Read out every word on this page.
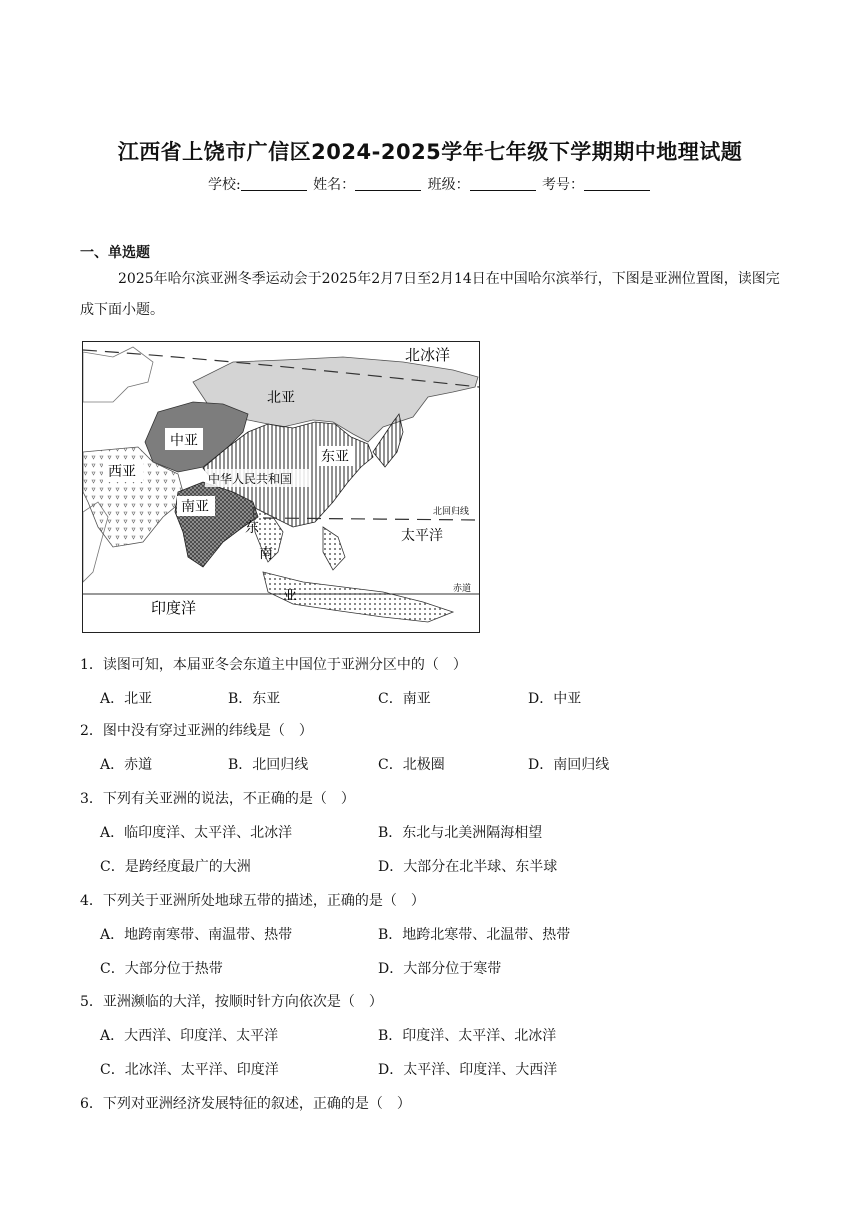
江西省上饶市广信区2024-2025学年七年级下学期期中地理试题
学校:	姓名：	班级：	考号：
一、单选题
2025年哈尔滨亚洲冬季运动会于2025年2月7日至2月14日在中国哈尔滨举行，下图是亚洲位置图，读图完成下面小题。
北冰洋
北亚
中亚
东亚
西亚	中华人民共和国
南亚
东
南
亚
北回归线
太平洋
赤道
印度洋
1．读图可知，本届亚冬会东道主中国位于亚洲分区中的（　）
A．北亚	B．东亚	C．南亚	D．中亚
2．图中没有穿过亚洲的纬线是（　）
A．赤道	B．北回归线	C．北极圈	D．南回归线
3．下列有关亚洲的说法，不正确的是（　）
A．临印度洋、太平洋、北冰洋	B．东北与北美洲隔海相望
C．是跨经度最广的大洲	D．大部分在北半球、东半球
4．下列关于亚洲所处地球五带的描述，正确的是（　）
A．地跨南寒带、南温带、热带	B．地跨北寒带、北温带、热带
C．大部分位于热带	D．大部分位于寒带
5．亚洲濒临的大洋，按顺时针方向依次是（　）
A．大西洋、印度洋、太平洋	B．印度洋、太平洋、北冰洋
C．北冰洋、太平洋、印度洋	D．太平洋、印度洋、大西洋
6．下列对亚洲经济发展特征的叙述，正确的是（　）
